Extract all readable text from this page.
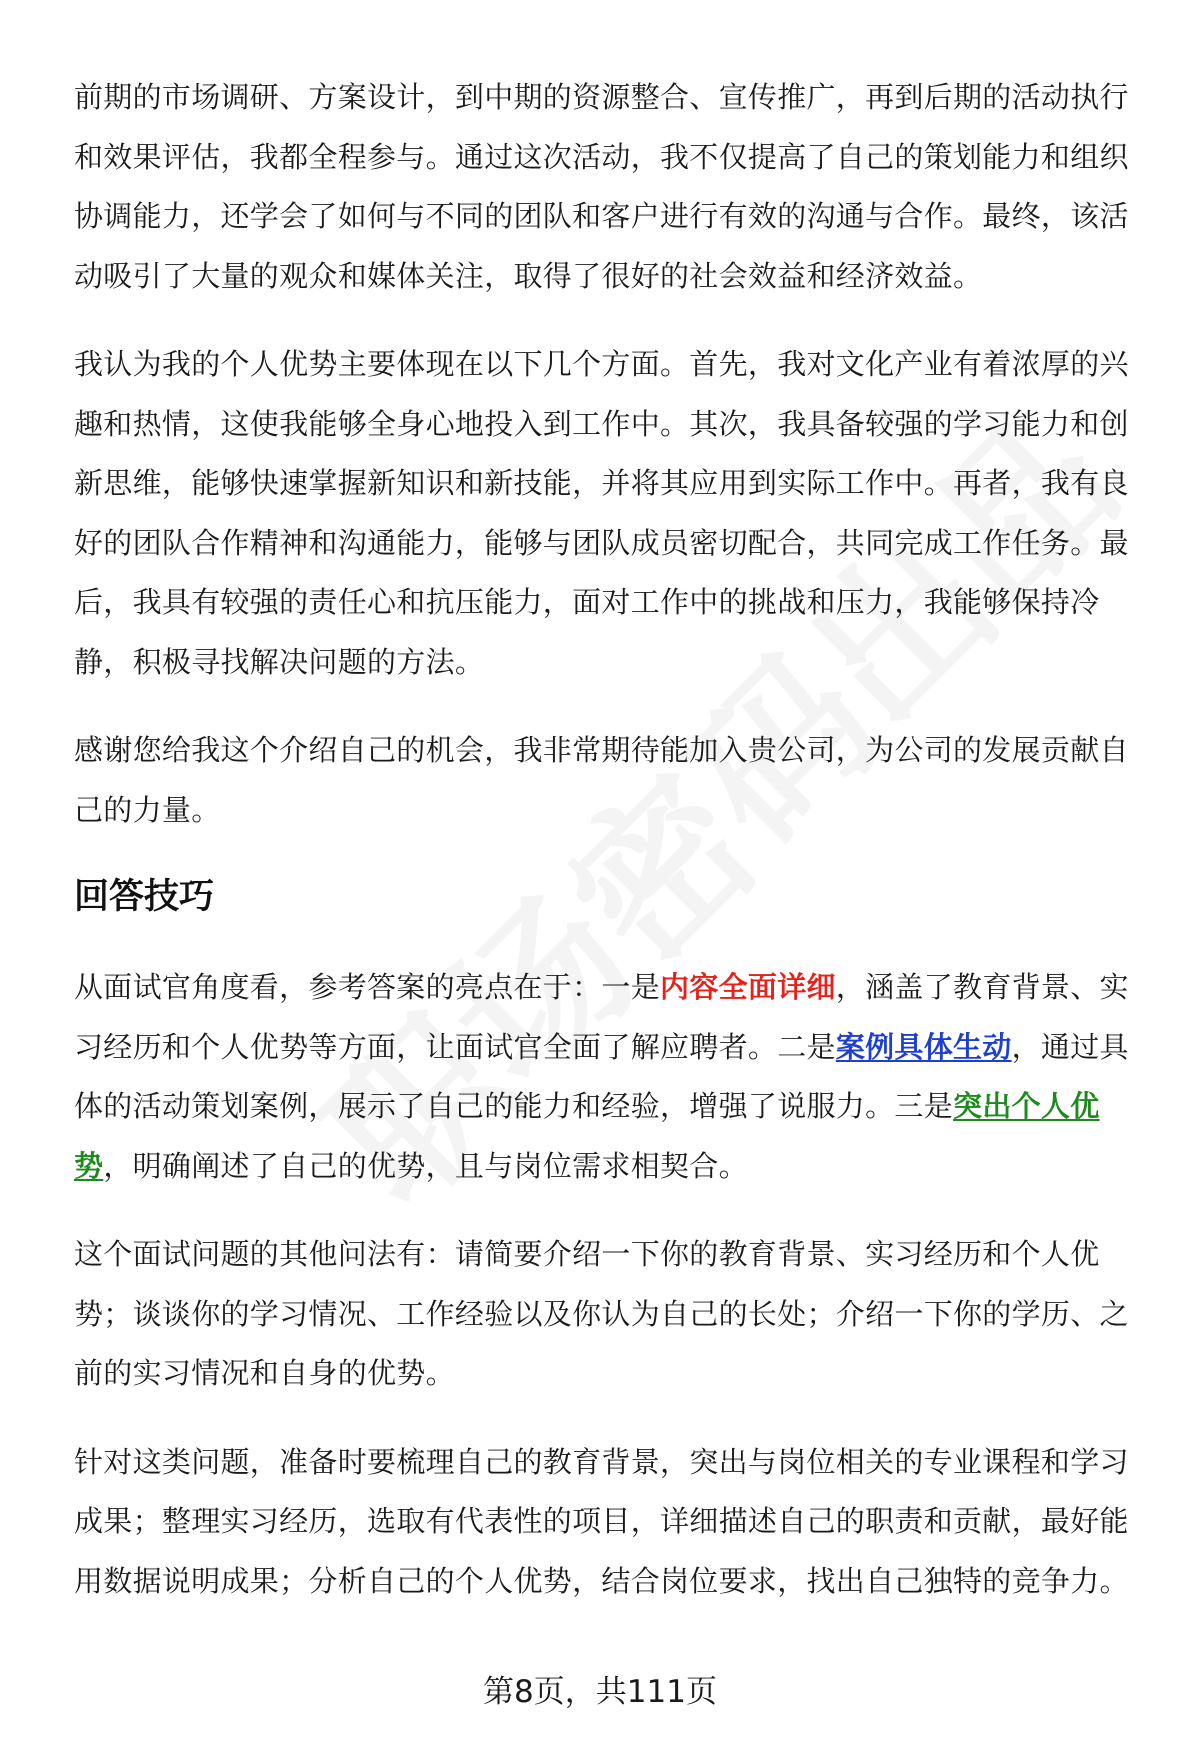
前期的市场调研、方案设计，到中期的资源整合、宣传推广，再到后期的活动执行和效果评估，我都全程参与。通过这次活动，我不仅提高了自己的策划能力和组织协调能力，还学会了如何与不同的团队和客户进行有效的沟通与合作。最终，该活动吸引了大量的观众和媒体关注，取得了很好的社会效益和经济效益。

我认为我的个人优势主要体现在以下几个方面。首先，我对文化产业有着浓厚的兴趣和热情，这使我能够全身心地投入到工作中。其次，我具备较强的学习能力和创新思维，能够快速掌握新知识和新技能，并将其应用到实际工作中。再者，我有良好的团队合作精神和沟通能力，能够与团队成员密切配合，共同完成工作任务。最后，我具有较强的责任心和抗压能力，面对工作中的挑战和压力，我能够保持冷静，积极寻找解决问题的方法。

感谢您给我这个介绍自己的机会，我非常期待能加入贵公司，为公司的发展贡献自己的力量。

回答技巧

从面试官角度看，参考答案的亮点在于：一是内容全面详细，涵盖了教育背景、实习经历和个人优势等方面，让面试官全面了解应聘者。二是案例具体生动，通过具体的活动策划案例，展示了自己的能力和经验，增强了说服力。三是突出个人优势，明确阐述了自己的优势，且与岗位需求相契合。

这个面试问题的其他问法有：请简要介绍一下你的教育背景、实习经历和个人优势；谈谈你的学习情况、工作经验以及你认为自己的长处；介绍一下你的学历、之前的实习情况和自身的优势。

针对这类问题，准备时要梳理自己的教育背景，突出与岗位相关的专业课程和学习成果；整理实习经历，选取有代表性的项目，详细描述自己的职责和贡献，最好能用数据说明成果；分析自己的个人优势，结合岗位要求，找出自己独特的竞争力。

第8页，共111页
